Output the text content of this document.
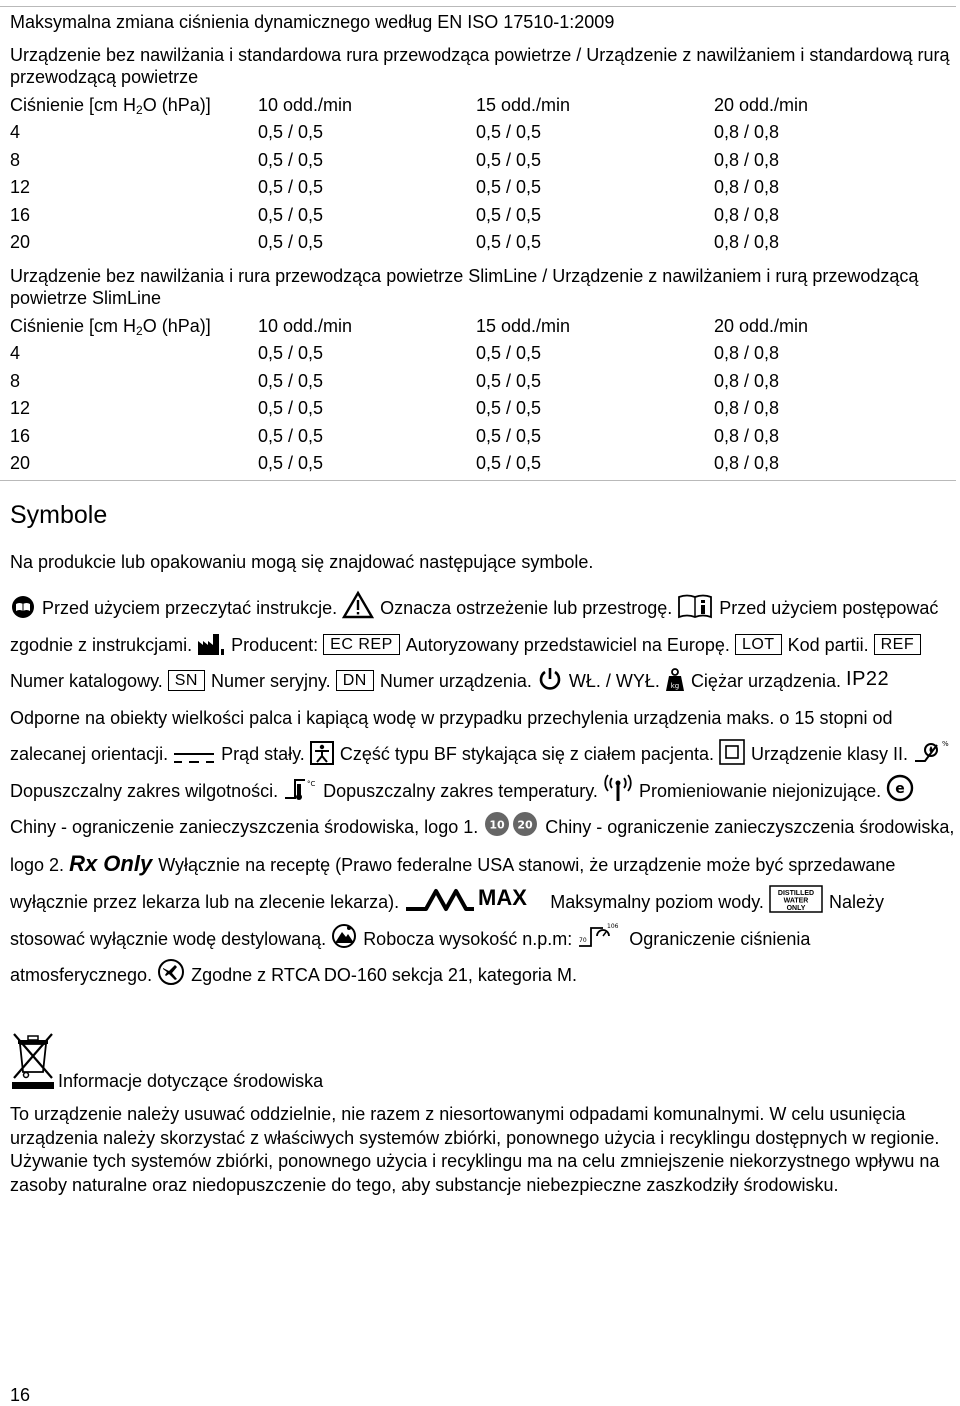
Maksymalna zmiana ciśnienia dynamicznego według EN ISO 17510-1:2009
Urządzenie bez nawilżania i standardowa rura przewodząca powietrze / Urządzenie z nawilżaniem i standardową rurą przewodzącą powietrze
Ciśnienie [cm $H_2O$ (hPa)]	10 odd./min	15 odd./min	20 odd./min
4	0,5 / 0,5	0,5 / 0,5	0,8 / 0,8
8	0,5 / 0,5	0,5 / 0,5	0,8 / 0,8
12	0,5 / 0,5	0,5 / 0,5	0,8 / 0,8
16	0,5 / 0,5	0,5 / 0,5	0,8 / 0,8
20	0,5 / 0,5	0,5 / 0,5	0,8 / 0,8
Urządzenie bez nawilżania i rura przewodząca powietrze SlimLine / Urządzenie z nawilżaniem i rurą przewodzącą powietrze SlimLine
Ciśnienie [cm $H_2O$ (hPa)]	10 odd./min	15 odd./min	20 odd./min
4	0,5 / 0,5	0,5 / 0,5	0,8 / 0,8
8	0,5 / 0,5	0,5 / 0,5	0,8 / 0,8
12	0,5 / 0,5	0,5 / 0,5	0,8 / 0,8
16	0,5 / 0,5	0,5 / 0,5	0,8 / 0,8
20	0,5 / 0,5	0,5 / 0,5	0,8 / 0,8
Symbole
Na produkcie lub opakowaniu mogą się znajdować następujące symbole.
Przed użyciem przeczytać instrukcje. Oznacza ostrzeżenie lub przestrogę.	Przed użyciem postępować zgodnie z instrukcjami. Producent: EC REP Autoryzowany przedstawiciel na Europę. LOT Kod partii. REFNumer katalogowy. SN Numer seryjny. DN Numer urządzenia. WŁ. / WYŁ. kg Ciężar urządzenia. IP22Odporne na obiekty wielkości palca i kapiącą wodę w przypadku przechylenia urządzenia maks. o 15 stopni od zalecanej orientacji.	Prąd stały. Część typu BF stykająca się z ciałem pacjenta. Urządzenie klasy II.	%
Dopuszczalny zakres wilgotności.	°C Dopuszczalny zakres temperatury. Promieniowanie niejonizujące. e
Chiny - ograniczenie zanieczyszczenia środowiska, logo 1. 10 20 Chiny - ograniczenie zanieczyszczenia środowiska, logo 2. Rx Only Wyłącznie na receptę (Prawo federalne USA stanowi, że urządzenie może być sprzedawane wyłącznie przez lekarza lub na zlecenie lekarza).	MAX Maksymalny poziom wody. DISTILLED
WATER
ONLY Należy stosować wyłącznie wodę destylowaną. Robocza wysokość n.p.m: 70
106
Ograniczenie ciśnienia atmosferycznego. Zgodne z RTCA DO-160 sekcja 21, kategoria M.
Informacje dotyczące środowiska
To urządzenie należy usuwać oddzielnie, nie razem z niesortowanymi odpadami komunalnymi. W celu usunięcia urządzenia należy skorzystać z właściwych systemów zbiórki, ponownego użycia i recyklingu dostępnych w regionie. Używanie tych systemów zbiórki, ponownego użycia i recyklingu ma na celu zmniejszenie niekorzystnego wpływu na zasoby naturalne oraz niedopuszczenie do tego, aby substancje niebezpieczne zaszkodziły środowisku.
16
